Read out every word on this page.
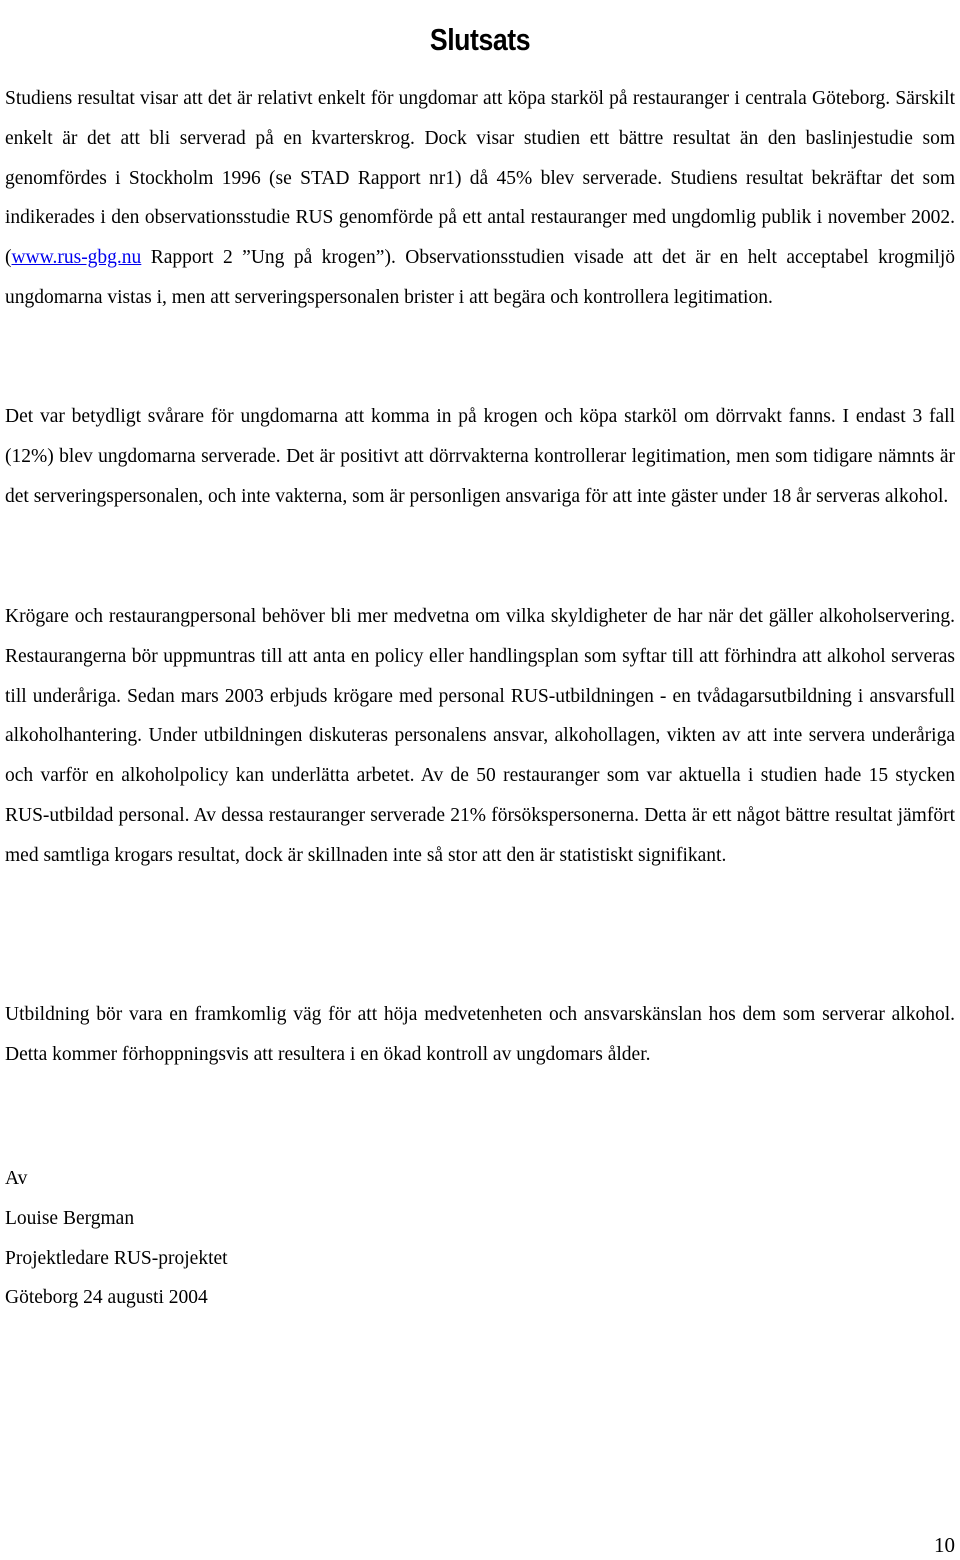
Slutsats

Studiens resultat visar att det är relativt enkelt för ungdomar att köpa starköl på restauranger i centrala Göteborg. Särskilt enkelt är det att bli serverad på en kvarterskrog. Dock visar studien ett bättre resultat än den baslinjestudie som genomfördes i Stockholm 1996 (se STAD Rapport nr1) då 45% blev serverade. Studiens resultat bekräftar det som indikerades i den observationsstudie RUS genomförde på ett antal restauranger med ungdomlig publik i november 2002. (www.rus-gbg.nu Rapport 2 ”Ung på krogen”). Observationsstudien visade att det är en helt acceptabel krogmiljö ungdomarna vistas i, men att serveringspersonalen brister i att begära och kontrollera legitimation.

Det var betydligt svårare för ungdomarna att komma in på krogen och köpa starköl om dörrvakt fanns. I endast 3 fall (12%) blev ungdomarna serverade. Det är positivt att dörrvakterna kontrollerar legitimation, men som tidigare nämnts är det serveringspersonalen, och inte vakterna, som är personligen ansvariga för att inte gäster under 18 år serveras alkohol.

Krögare och restaurangpersonal behöver bli mer medvetna om vilka skyldigheter de har när det gäller alkoholservering. Restaurangerna bör uppmuntras till att anta en policy eller handlingsplan som syftar till att förhindra att alkohol serveras till underåriga. Sedan mars 2003 erbjuds krögare med personal RUS-utbildningen - en tvådagarsutbildning i ansvarsfull alkoholhantering. Under utbildningen diskuteras personalens ansvar, alkohollagen, vikten av att inte servera underåriga och varför en alkoholpolicy kan underlätta arbetet. Av de 50 restauranger som var aktuella i studien hade 15 stycken RUS-utbildad personal. Av dessa restauranger serverade 21% försökspersonerna. Detta är ett något bättre resultat jämfört med samtliga krogars resultat, dock är skillnaden inte så stor att den är statistiskt signifikant.

Utbildning bör vara en framkomlig väg för att höja medvetenheten och ansvarskänslan hos dem som serverar alkohol. Detta kommer förhoppningsvis att resultera i en ökad kontroll av ungdomars ålder.

Av
Louise Bergman
Projektledare RUS-projektet
Göteborg 24 augusti 2004
10
